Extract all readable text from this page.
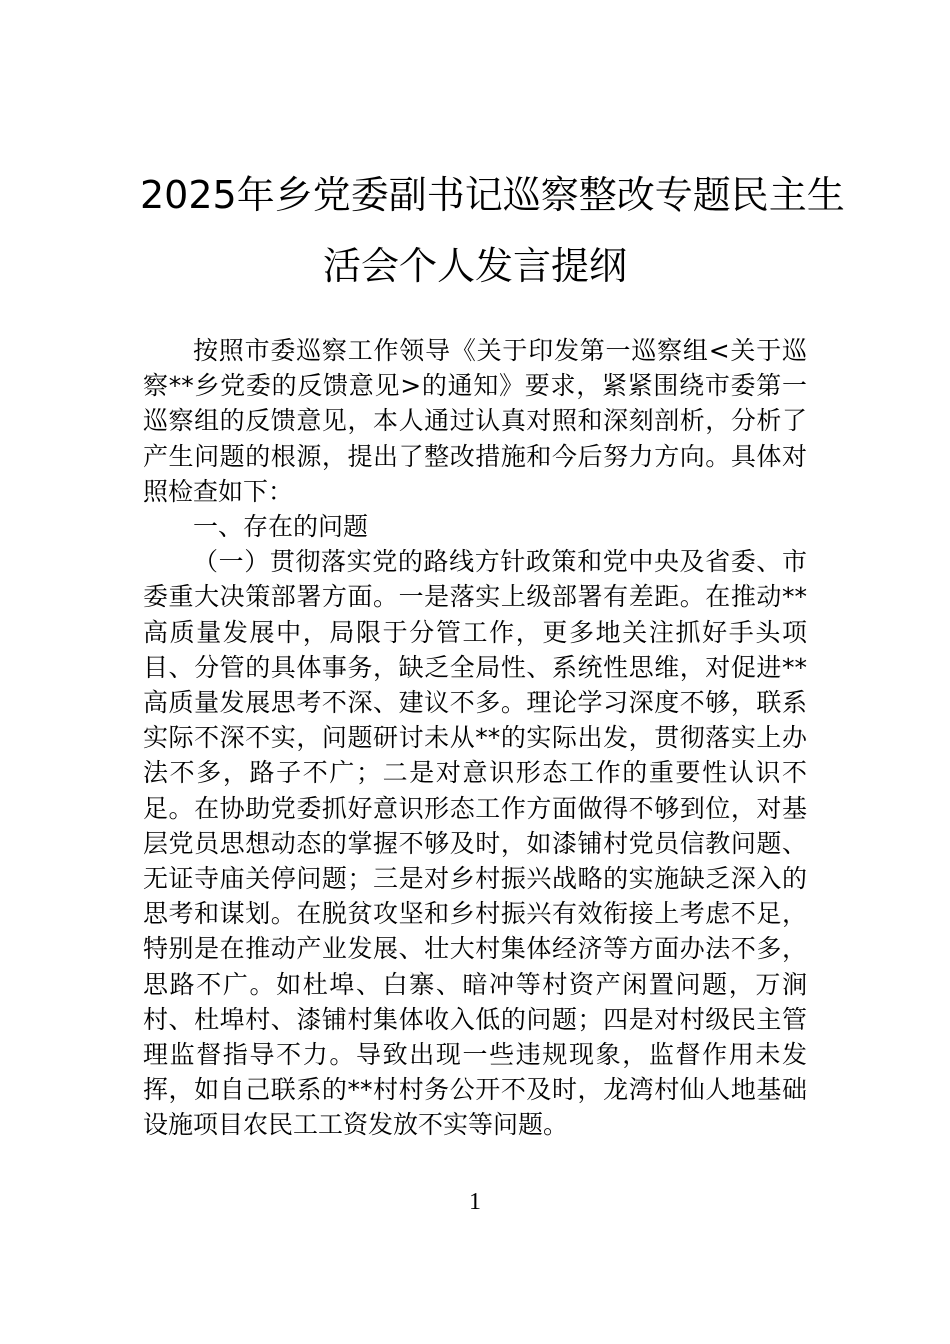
2025年乡党委副书记巡察整改专题民主生
活会个人发言提纲

按照市委巡察工作领导《关于印发第一巡察组<关于巡察**乡党委的反馈意见>的通知》要求，紧紧围绕市委第一巡察组的反馈意见，本人通过认真对照和深刻剖析，分析了产生问题的根源，提出了整改措施和今后努力方向。具体对照检查如下：

一、存在的问题

（一）贯彻落实党的路线方针政策和党中央及省委、市委重大决策部署方面。一是落实上级部署有差距。在推动**高质量发展中，局限于分管工作，更多地关注抓好手头项目、分管的具体事务，缺乏全局性、系统性思维，对促进**高质量发展思考不深、建议不多。理论学习深度不够，联系实际不深不实，问题研讨未从**的实际出发，贯彻落实上办法不多，路子不广；二是对意识形态工作的重要性认识不足。在协助党委抓好意识形态工作方面做得不够到位，对基层党员思想动态的掌握不够及时，如漆铺村党员信教问题、无证寺庙关停问题；三是对乡村振兴战略的实施缺乏深入的思考和谋划。在脱贫攻坚和乡村振兴有效衔接上考虑不足，特别是在推动产业发展、壮大村集体经济等方面办法不多，思路不广。如杜埠、白寨、暗冲等村资产闲置问题，万涧村、杜埠村、漆铺村集体收入低的问题；四是对村级民主管理监督指导不力。导致出现一些违规现象，监督作用未发挥，如自己联系的**村村务公开不及时，龙湾村仙人地基础设施项目农民工工资发放不实等问题。

1
